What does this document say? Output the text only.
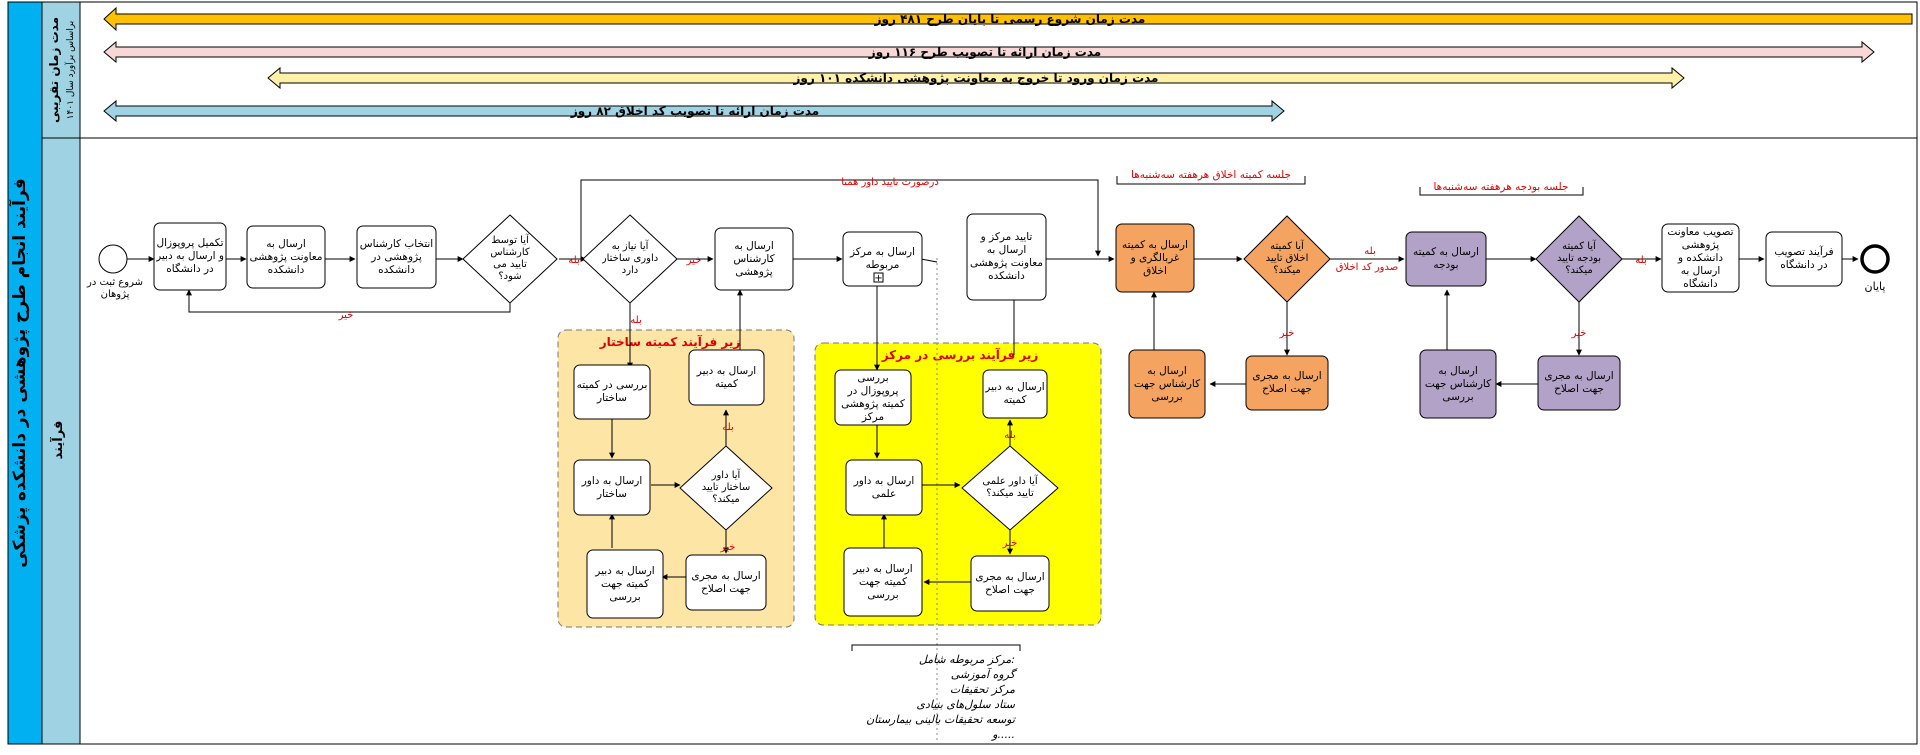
فرآیند انجام طرح پژوهشی در دانشکده پزشکی
مدت زمان تقریبی براساس برآورد سال ۱۴۰۱
فرآیند
مدت زمان شروع رسمی تا پایان طرح ۴۸۱ روز
مدت زمان ارائه تا تصویب طرح ۱۱۶ روز
مدت زمان ورود تا خروج به معاونت پژوهشی دانشکده ۱۰۱ روز
مدت زمان ارائه تا تصویب کد اخلاق ۸۲ روز
زیر فرآیند کمیته ساختار
زیر فرآیند بررسی در مرکز
جلسه کمیته اخلاق هرهفته سه‌شنبه‌ها
جلسه بودجه هرهفته سه‌شنبه‌ها
درصورت تایید داور همتا
خیر
بله	خیر
بله
بله
صدور کد اخلاق
خیر
بله
خیر
بله
خیر
بله
خیر
شروع ثبت در پژوهان
پایان
تکمیل پروپوزال و ارسال به دبیر در دانشگاه
ارسال به معاونت پژوهشی دانشکده
انتخاب کارشناس پژوهشی در دانشکده
ارسال به کارشناس پژوهشی
ارسال به مرکز مربوطه
تایید مرکز و ارسال به معاونت پژوهشی دانشکده
ارسال به کمیته غربالگری و اخلاق
ارسال به کمیته بودجه
تصویب معاونت پژوهشی دانشکده و ارسال به دانشگاه
فرآیند تصویب در دانشگاه
ارسال به مجری جهت اصلاح
ارسال به کارشناس جهت بررسی
ارسال به مجری جهت اصلاح
ارسال به کارشناس جهت بررسی
بررسی در کمیته ساختار
ارسال به دبیر کمیته
ارسال به داور ساختار
ارسال به دبیر کمیته جهت بررسی
ارسال به مجری جهت اصلاح
بررسی پروپوزال در کمیته پژوهشی مرکز
ارسال به دبیر کمیته
ارسال به داور علمی
ارسال به دبیر کمیته جهت بررسی
ارسال به مجری جهت اصلاح
آیا توسط کارشناس تایید می شود؟
آیا نیاز به داوری ساختار دارد
آیا کمیته اخلاق تایید میکند؟
آیا کمیته بودجه تایید میکند؟
آیا داور ساختار تایید میکند؟
آیا داور علمی تایید میکند؟
+
مرکز مربوطه شامل:
گروه آموزشی
مرکز تحقیقات
ستاد سلول‌های بنیادی
توسعه تحقیقات بالینی بیمارستان
و.....
